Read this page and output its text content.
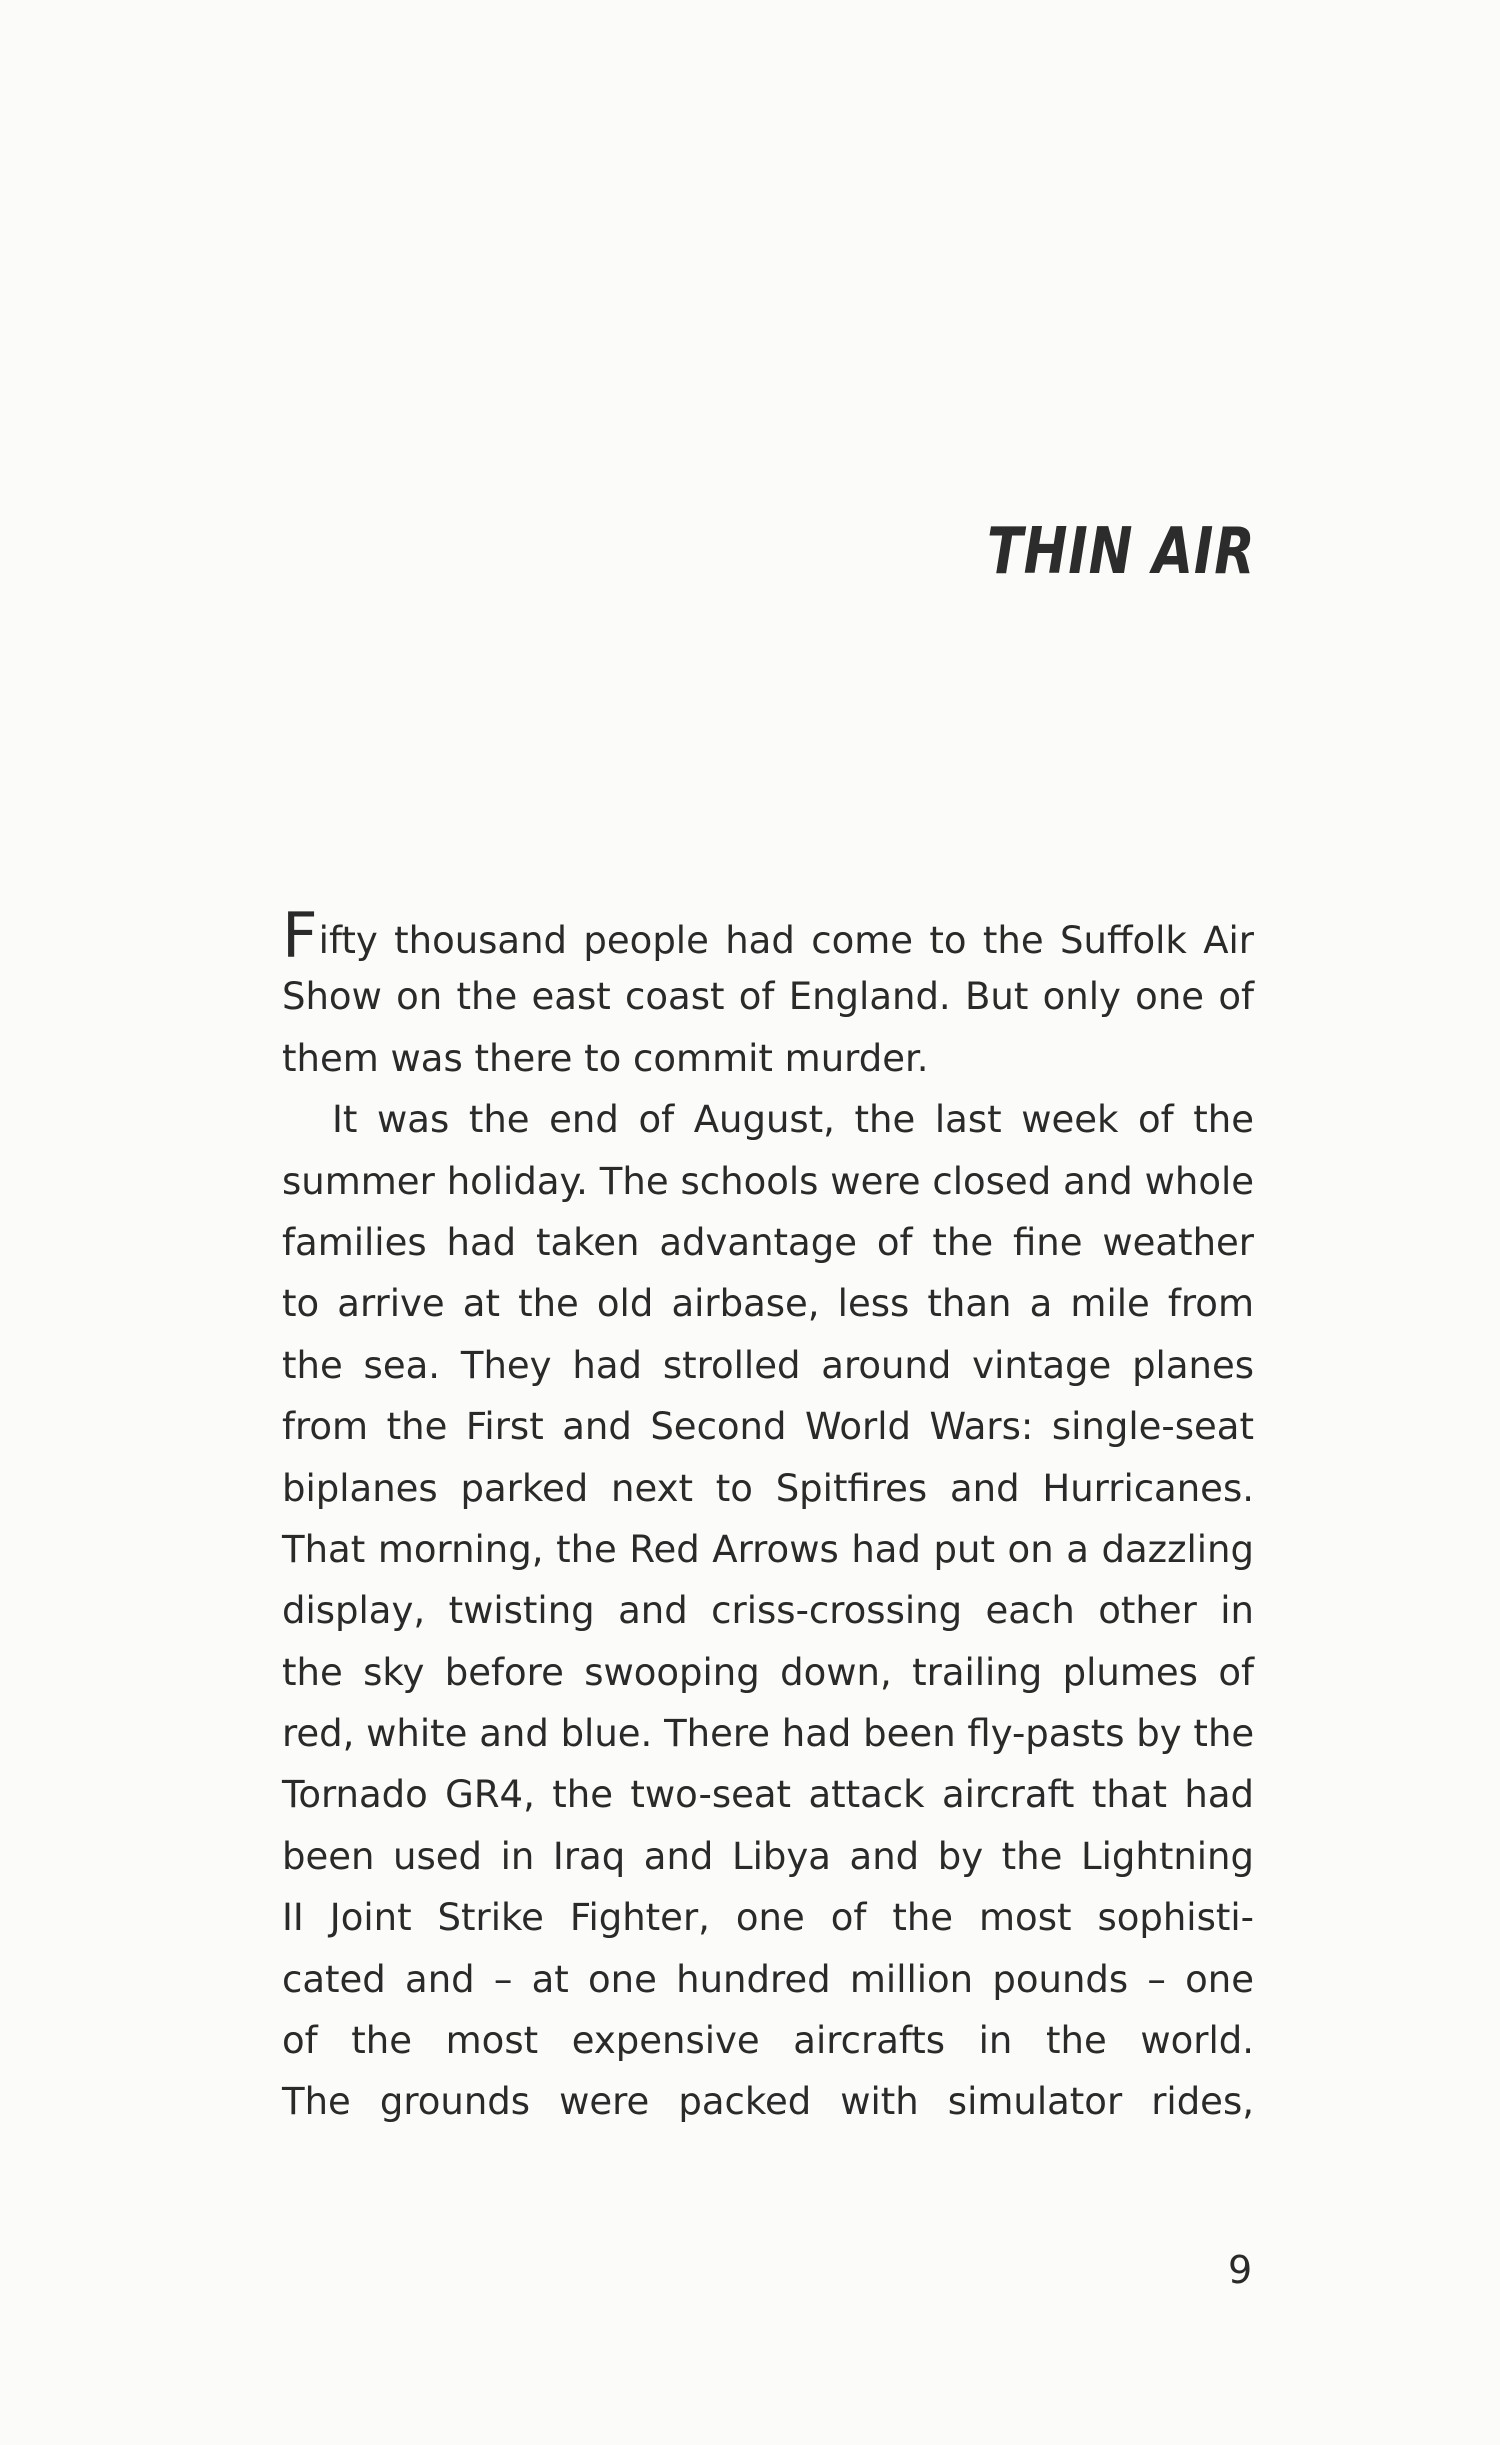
THIN AIR
Fifty thousand people had come to the Suffolk Air
Show on the east coast of England. But only one of
them was there to commit murder.
It was the end of August, the last week of the
summer holiday. The schools were closed and whole
families had taken advantage of the fine weather
to arrive at the old airbase, less than a mile from
the sea. They had strolled around vintage planes
from the First and Second World Wars: single-seat
biplanes parked next to Spitfires and Hurricanes.
That morning, the Red Arrows had put on a dazzling
display, twisting and criss-crossing each other in
the sky before swooping down, trailing plumes of
red, white and blue. There had been fly-pasts by the
Tornado GR4, the two-seat attack aircraft that had
been used in Iraq and Libya and by the Lightning
II Joint Strike Fighter, one of the most sophisti-
cated and – at one hundred million pounds – one
of the most expensive aircrafts in the world.
The grounds were packed with simulator rides,
9
